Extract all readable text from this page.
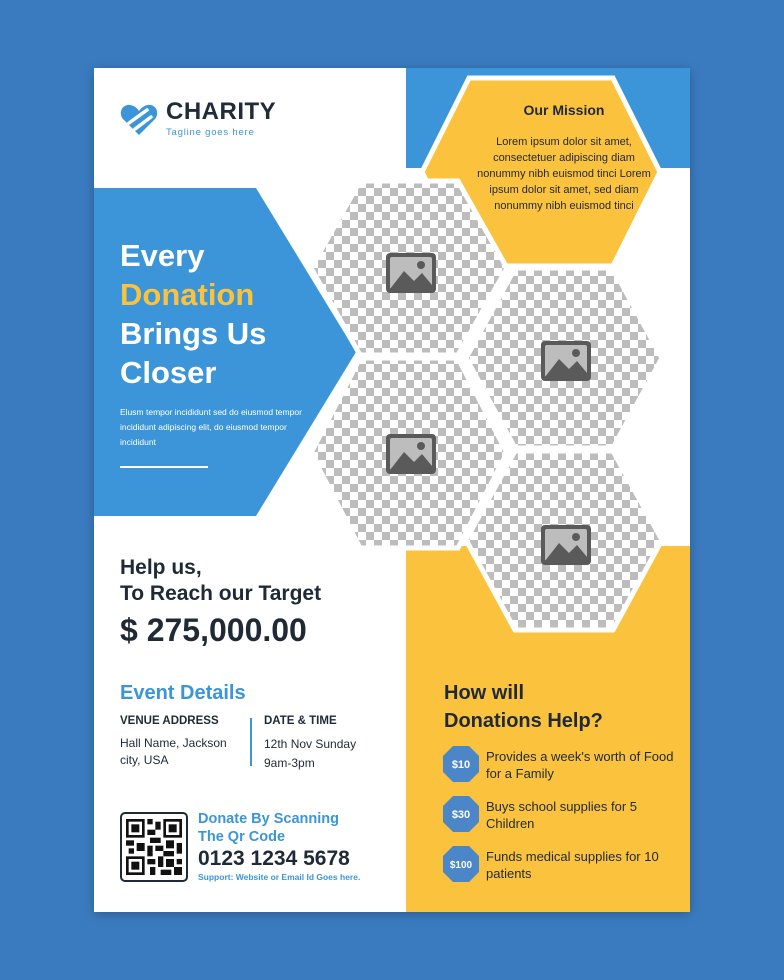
CHARITY
Tagline goes here
Every
Donation
Brings Us
Closer
Elusm tempor incididunt sed do eiusmod tempor incididunt adipiscing elit, do eiusmod tempor incididunt
Our Mission
Lorem ipsum dolor sit amet, consectetuer adipiscing diam nonummy nibh euismod tinci Lorem ipsum dolor sit amet, sed diam nonummy nibh euismod tinci
Help us,
To Reach our Target
$ 275,000.00
Event Details
VENUE ADDRESS
Hall Name, Jackson city, USA
DATE & TIME
12th Nov Sunday
9am-3pm
Donate By Scanning
The Qr Code
0123 1234 5678
Support: Website or Email Id Goes here.
How will
Donations Help?
$10
Provides a week's worth of Food for a Family
$30
Buys school supplies for 5 Children
$100
Funds medical supplies for 10 patients
